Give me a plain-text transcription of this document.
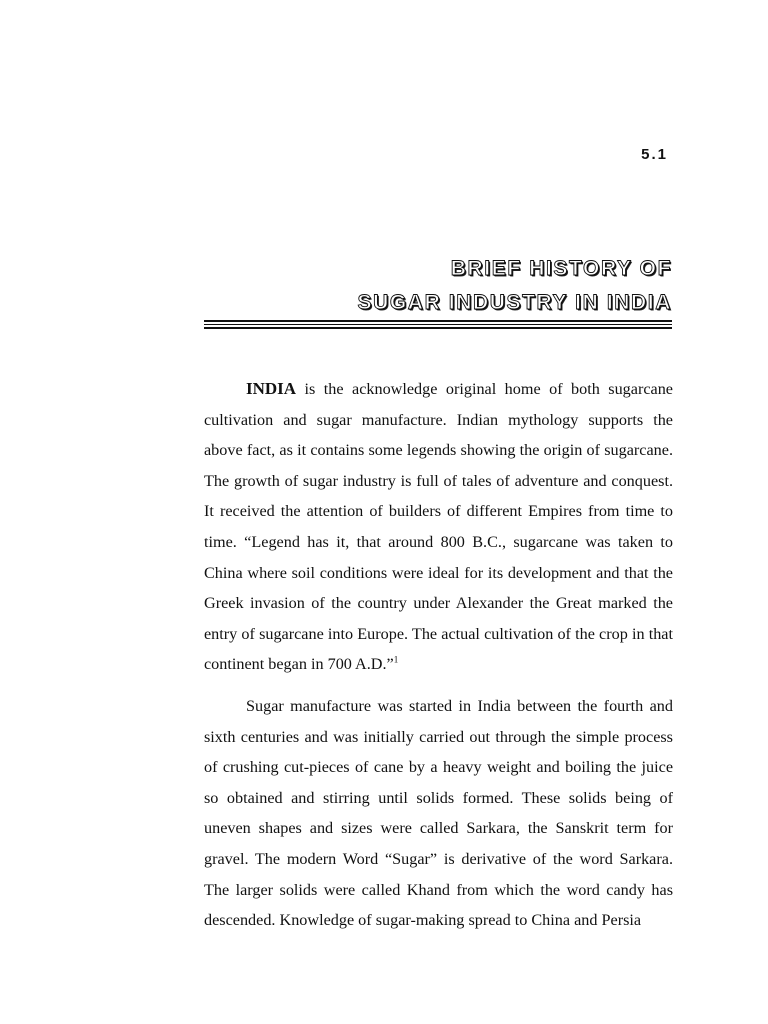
5.1
BRIEF HISTORY OF
SUGAR INDUSTRY IN INDIA

INDIA is the acknowledge original home of both sugarcane cultivation and sugar manufacture. Indian mythology supports the above fact, as it contains some legends showing the origin of sugarcane. The growth of sugar industry is full of tales of adventure and conquest. It received the attention of builders of different Empires from time to time. “Legend has it, that around 800 B.C., sugarcane was taken to China where soil conditions were ideal for its development and that the Greek invasion of the country under Alexander the Great marked the entry of sugarcane into Europe. The actual cultivation of the crop in that continent began in 700 A.D.”$^1$

Sugar manufacture was started in India between the fourth and sixth centuries and was initially carried out through the simple process of crushing cut-pieces of cane by a heavy weight and boiling the juice so obtained and stirring until solids formed. These solids being of uneven shapes and sizes were called Sarkara, the Sanskrit term for gravel. The modern Word “Sugar” is derivative of the word Sarkara. The larger solids were called Khand from which the word candy has descended. Knowledge of sugar-making spread to China and Persia
